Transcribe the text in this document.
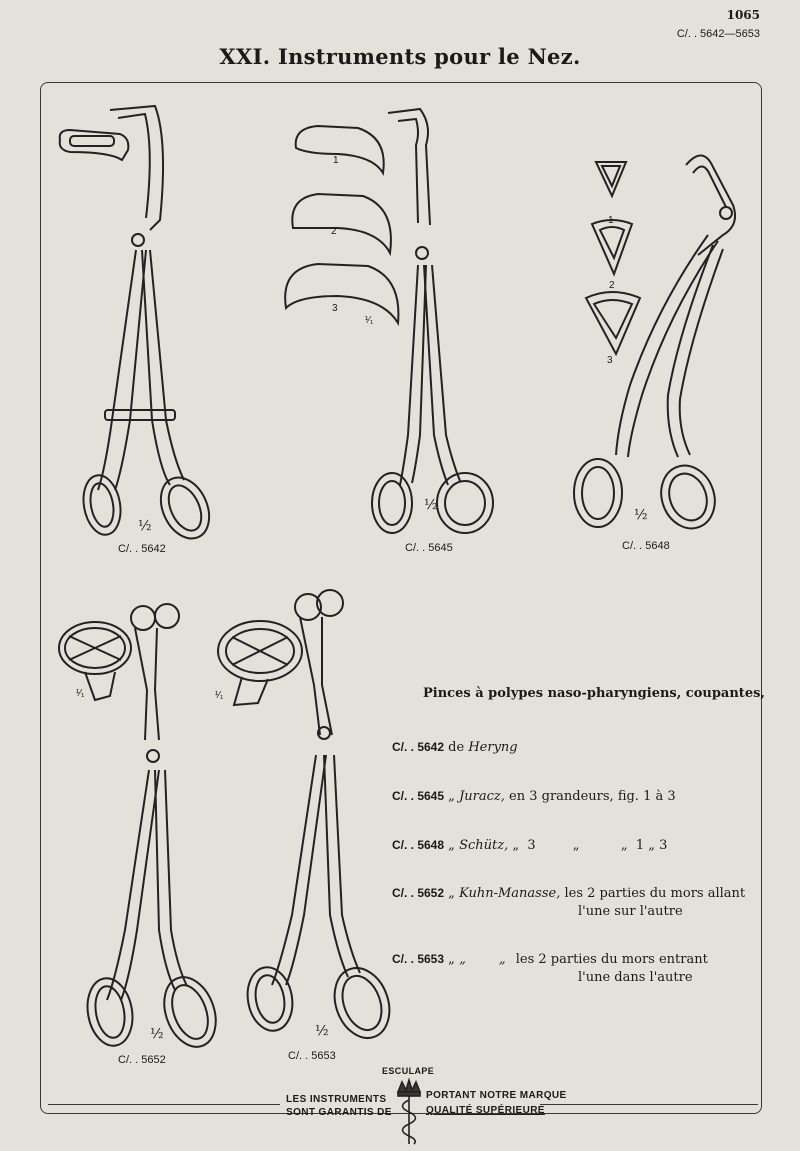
1065
C/. . 5642—5653
XXI. Instruments pour le Nez.
½
C/. . 5642
1
2
3
¹⁄₁
½
C/. . 5645
1
2
3
½
C/. . 5648
¹⁄₁
½
C/. . 5652
¹⁄₁
½
C/. . 5653
Pinces à polypes naso-pharyngiens, coupantes,
C/. . 5642 de Heryng
C/. . 5645 „ Juracz, en 3 grandeurs, fig. 1 à 3
C/. . 5648 „ Schütz, „  3         „          „  1 „ 3
C/. . 5652 „ Kuhn-Manasse, les 2 parties du mors allant
l'une sur l'autre
C/. . 5653 „ „        „ les 2 parties du mors entrant
l'une dans l'autre
ESCULAPE
LES INSTRUMENTS
SONT GARANTIS DE
PORTANT NOTRE MARQUE
QUALITÉ SUPÉRIEURE
